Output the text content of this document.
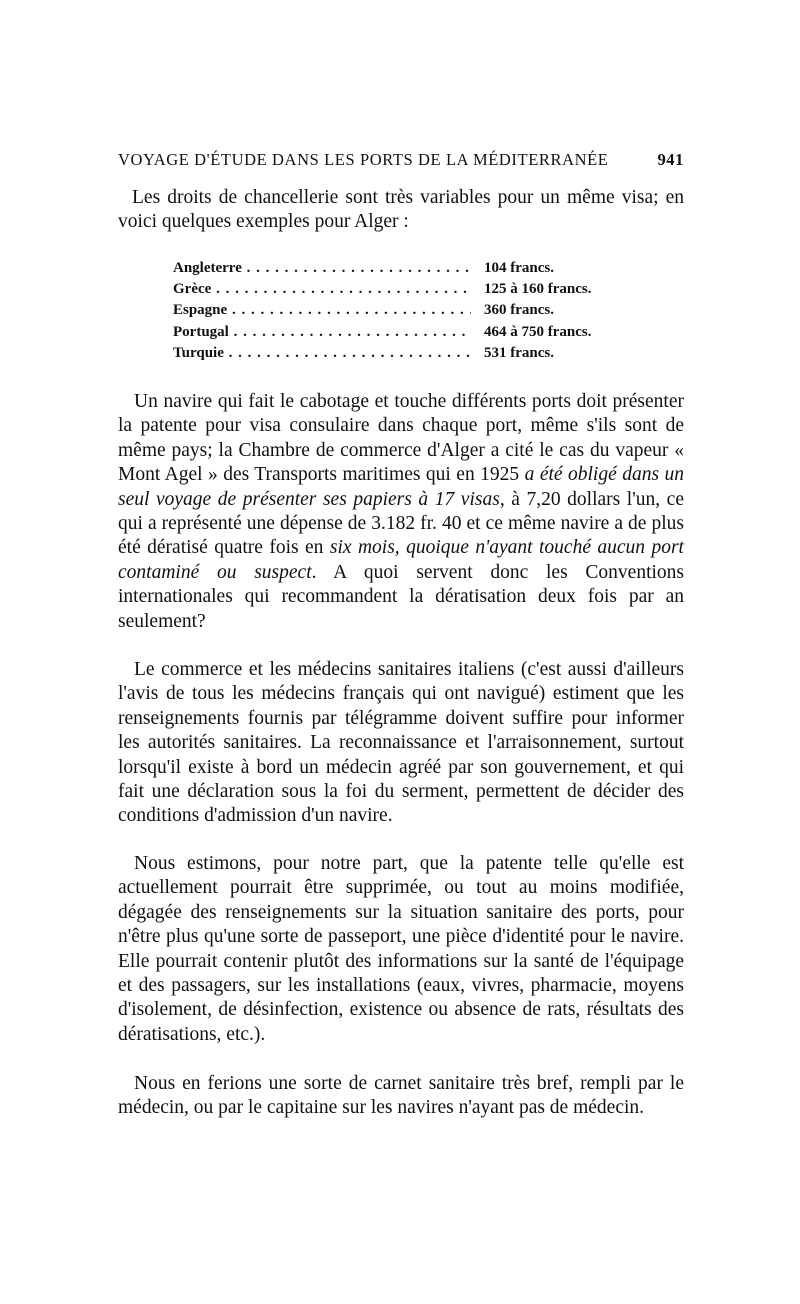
VOYAGE D'ÉTUDE DANS LES PORTS DE LA MÉDITERRANÉE	941

Les droits de chancellerie sont très variables pour un même visa; en voici quelques exemples pour Alger :

Angleterre . . .	104 francs.
Grèce . . .	125 à 160 francs.
Espagne . . .	360 francs.
Portugal . . .	464 à 750 francs.
Turquie . . .	531 francs.

Un navire qui fait le cabotage et touche différents ports doit présenter la patente pour visa consulaire dans chaque port, même s'ils sont de même pays; la Chambre de commerce d'Alger a cité le cas du vapeur « Mont Agel » des Transports maritimes qui en 1925 a été obligé dans un seul voyage de présenter ses papiers à 17 visas, à 7,20 dollars l'un, ce qui a représenté une dépense de 3.182 fr. 40 et ce même navire a de plus été dératisé quatre fois en six mois, quoique n'ayant touché aucun port contaminé ou suspect. A quoi servent donc les Conventions internationales qui recommandent la dératisation deux fois par an seulement?

Le commerce et les médecins sanitaires italiens (c'est aussi d'ailleurs l'avis de tous les médecins français qui ont navigué) estiment que les renseignements fournis par télégramme doivent suffire pour informer les autorités sanitaires. La reconnaissance et l'arraisonnement, surtout lorsqu'il existe à bord un médecin agréé par son gouvernement, et qui fait une déclaration sous la foi du serment, permettent de décider des conditions d'admission d'un navire.

Nous estimons, pour notre part, que la patente telle qu'elle est actuellement pourrait être supprimée, ou tout au moins modifiée, dégagée des renseignements sur la situation sanitaire des ports, pour n'être plus qu'une sorte de passeport, une pièce d'identité pour le navire. Elle pourrait contenir plutôt des informations sur la santé de l'équipage et des passagers, sur les installations (eaux, vivres, pharmacie, moyens d'isolement, de désinfection, existence ou absence de rats, résultats des dératisations, etc.).

Nous en ferions une sorte de carnet sanitaire très bref, rempli par le médecin, ou par le capitaine sur les navires n'ayant pas de médecin.
